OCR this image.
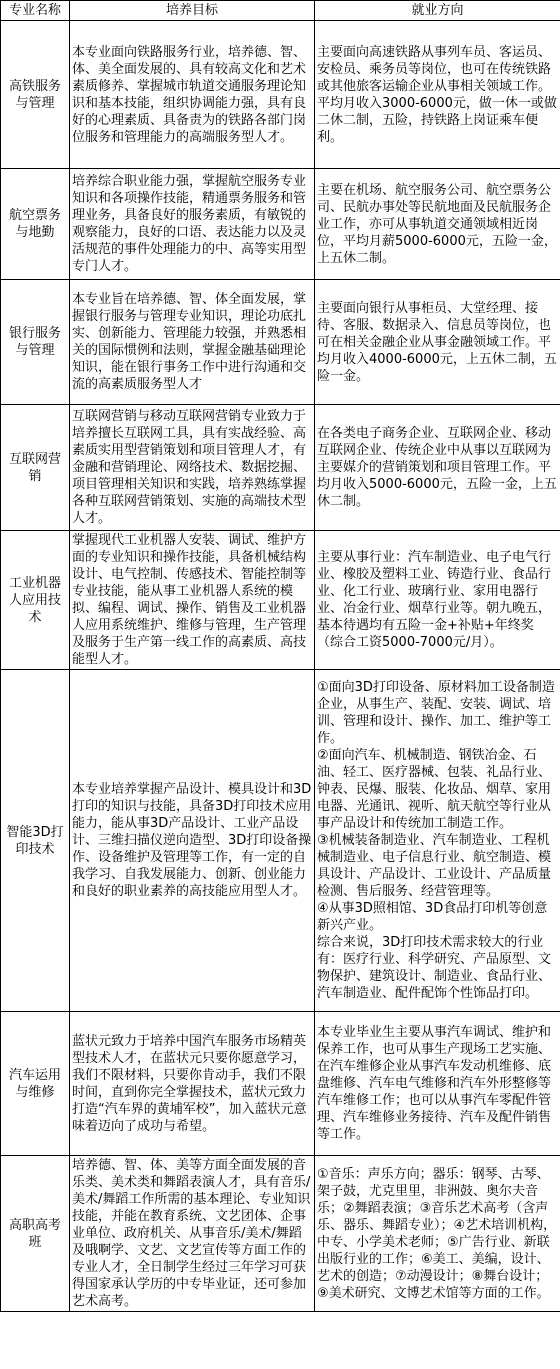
专业名称	培养目标	就业方向
高铁服务与管理	本专业面向铁路服务行业，培养德、智、体、美全面发展的、具有较高文化和艺术素质修养、掌握城市轨道交通服务理论知识和基本技能，组织协调能力强，具有良好的心理素质、具备责为的铁路各部门岗位服务和管理能力的高端服务型人才。	主要面向高速铁路从事列车员、客运员、安检员、乘务员等岗位，也可在传统铁路或其他旅客运输企业从事相关领域工作。平均月收入3000-6000元，做一休一或做二休二制，五险，持铁路上岗证乘车便利。

航空票务与地勤	培养综合职业能力强，掌握航空服务专业知识和各项操作技能，精通票务服务和管理业务，具备良好的服务素质，有敏锐的观察能力，良好的口语、表达能力以及灵活规范的事件处理能力的中、高等实用型专门人才。	主要在机场、航空服务公司、航空票务公司、民航办事处等民航地面及民航服务企业工作，亦可从事轨道交通领域相近岗位，平均月薪5000-6000元，五险一金，上五休二制。

银行服务与管理	本专业旨在培养德、智、体全面发展，掌握银行服务与管理专业知识，理论功底扎实、创新能力、管理能力较强，并熟悉相关的国际惯例和法则，掌握金融基础理论知识，能在银行事务工作中进行沟通和交流的高素质服务型人才	主要面向银行从事柜员、大堂经理、接待、客服、数据录入、信息员等岗位，也可在相关金融企业从事金融领域工作。平均月收入4000-6000元，上五休二制，五险一金。

互联网营销	互联网营销与移动互联网营销专业致力于培养擅长互联网工具，具有实战经验、高素质实用型营销策划和项目管理人才，有金融和营销理论、网络技术、数据挖掘、项目管理相关知识和实践，培养熟练掌握各种互联网营销策划、实施的高端技术型人才。	在各类电子商务企业、互联网企业、移动互联网企业、传统企业中从事以互联网为主要媒介的营销策划和项目管理工作。平均月收入5000-6000元，五险一金，上五休二制。

工业机器人应用技术	掌握现代工业机器人安装、调试、维护方面的专业知识和操作技能，具备机械结构设计、电气控制、传感技术、智能控制等专业技能，能从事工业机器人系统的模拟、编程、调试、操作、销售及工业机器人应用系统维护、维修与管理，生产管理及服务于生产第一线工作的高素质、高技能型人才。	主要从事行业：汽车制造业、电子电气行业、橡胶及塑料工业、铸造行业、食品行业、化工行业、玻璃行业、家用电器行业、冶金行业、烟草行业等。朝九晚五，基本待遇均有五险一金+补贴+年终奖（综合工资5000-7000元/月）。

智能3D打印技术	本专业培养掌握产品设计、模具设计和3D打印的知识与技能，具备3D打印技术应用能力，能从事3D产品设计、工业产品设计、三维扫描仪逆向造型、3D打印设备操作、设备维护及管理等工作，有一定的自我学习、自我发展能力、创新、创业能力和良好的职业素养的高技能应用型人才。	①面向3D打印设备、原材料加工设备制造企业，从事生产、装配、安装、调试、培训、管理和设计、操作、加工、维护等工作。
②面向汽车、机械制造、钢铁冶金、石油、轻工、医疗器械、包装、礼品行业、钟表、民爆、服装、化妆品、烟草、家用电器、光通讯、视听、航天航空等行业从事产品设计和传统加工制造工作。
③机械装备制造业、汽车制造业、工程机械制造业、电子信息行业、航空制造、模具设计、产品设计、工业设计、产品质量检测、售后服务、经营管理等。
④从事3D照相馆、3D食品打印机等创意新兴产业。
综合来说，3D打印技术需求较大的行业有：医疗行业、科学研究、产品原型、文物保护、建筑设计、制造业、食品行业、汽车制造业、配件配饰个性饰品打印。

汽车运用与维修	蓝状元致力于培养中国汽车服务市场精英型技术人才，在蓝状元只要你愿意学习，我们不限材料，只要你肯动手，我们不限时间，直到你完全掌握技术，蓝状元致力打造“汽车界的黄埔军校”，加入蓝状元意味着迈向了成功与希望。	本专业毕业生主要从事汽车调试、维护和保养工作，也可从事生产现场工艺实施、在汽车维修企业从事汽车发动机维修、底盘维修、汽车电气维修和汽车外形整修等汽车维修工作；也可以从事汽车零配件管理、汽车维修业务接待、汽车及配件销售等工作。

高职高考班	培养德、智、体、美等方面全面发展的音乐类、美术类和舞蹈表演人才，具有音乐/美术/舞蹈工作所需的基本理论、专业知识技能，并能在教育系统、文艺团体、企事业单位、政府机关、从事音乐/美术/舞蹈及哦啊学、文艺、文艺宣传等方面工作的专业人才，全日制学生经过三年学习可获得国家承认学历的中专毕业证，还可参加艺术高考。	①音乐：声乐方向；器乐：钢琴、古琴、架子鼓，尤克里里，非洲鼓、奥尔夫音乐；②舞蹈表演；③音乐艺术高考（含声乐、器乐、舞蹈专业）；④艺术培训机构，中专、小学美术老师；⑤广告行业、新联出版行业的工作；⑥美工、美编，设计、艺术的创造；⑦动漫设计；⑧舞台设计；⑨美术研究、文博艺术馆等方面的工作。
